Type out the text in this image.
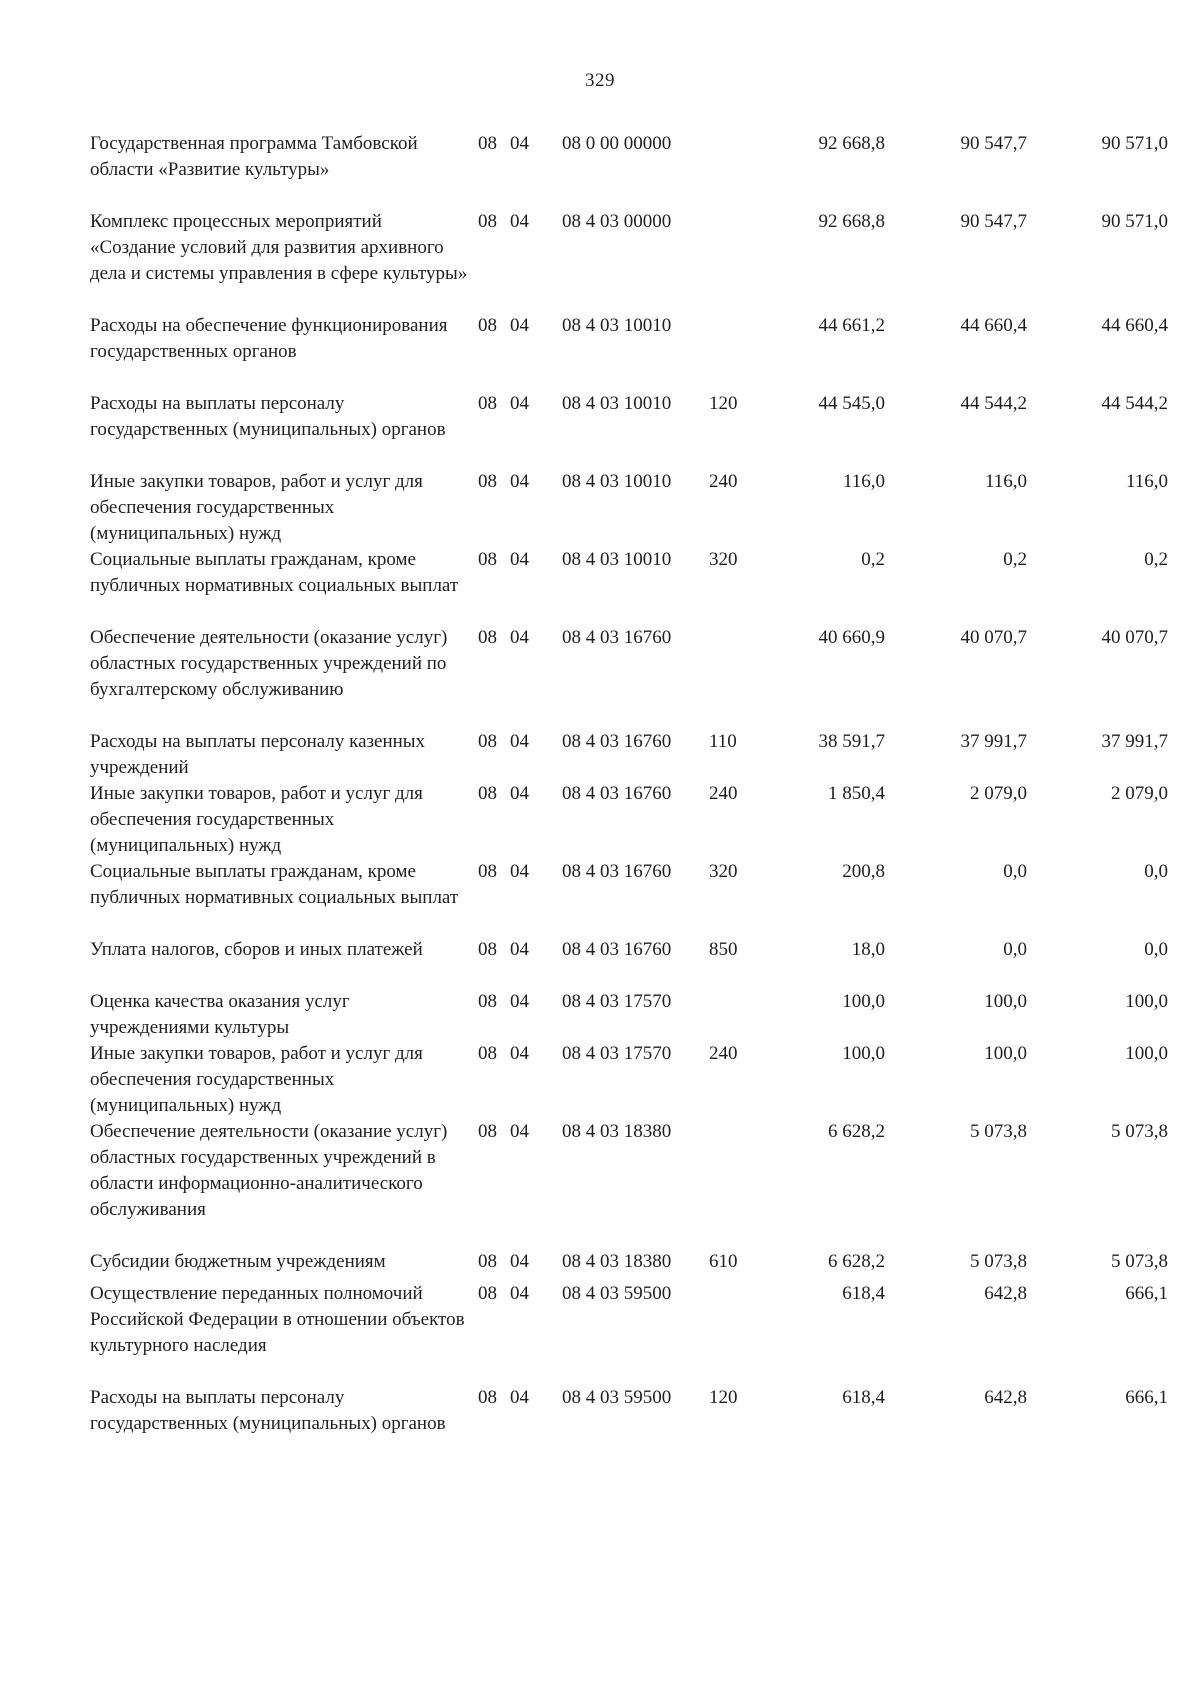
329
Государственная программа Тамбовской области «Развитие культуры»
08 04	08 0 00 00000	92 668,8	90 547,7	90 571,0
Комплекс процессных мероприятий «Создание условий для развития архивного дела и системы управления в сфере культуры»
08 04	08 4 03 00000	92 668,8	90 547,7	90 571,0
Расходы на обеспечение функционирования государственных органов
08 04	08 4 03 10010	44 661,2	44 660,4	44 660,4
Расходы на выплаты персоналу государственных (муниципальных) органов
08 04	08 4 03 10010	120	44 545,0	44 544,2	44 544,2
Иные закупки товаров, работ и услуг для обеспечения государственных (муниципальных) нужд
08 04	08 4 03 10010	240	116,0	116,0	116,0
Социальные выплаты гражданам, кроме публичных нормативных социальных выплат
08 04	08 4 03 10010	320	0,2	0,2	0,2
Обеспечение деятельности (оказание услуг) областных государственных учреждений по бухгалтерскому обслуживанию
08 04	08 4 03 16760	40 660,9	40 070,7	40 070,7
Расходы на выплаты персоналу казенных учреждений
08 04	08 4 03 16760	110	38 591,7	37 991,7	37 991,7
Иные закупки товаров, работ и услуг для обеспечения государственных (муниципальных) нужд
08 04	08 4 03 16760	240	1 850,4	2 079,0	2 079,0
Социальные выплаты гражданам, кроме публичных нормативных социальных выплат
08 04	08 4 03 16760	320	200,8	0,0	0,0
Уплата налогов, сборов и иных платежей	08 04	08 4 03 16760	850	18,0	0,0	0,0
Оценка качества оказания услуг учреждениями культуры
08 04	08 4 03 17570	100,0	100,0	100,0
Иные закупки товаров, работ и услуг для обеспечения государственных (муниципальных) нужд
08 04	08 4 03 17570	240	100,0	100,0	100,0
Обеспечение деятельности (оказание услуг) областных государственных учреждений в области информационно-аналитического обслуживания
08 04	08 4 03 18380	6 628,2	5 073,8	5 073,8
Субсидии бюджетным учреждениям	08 04	08 4 03 18380	610	6 628,2	5 073,8	5 073,8
Осуществление переданных полномочий Российской Федерации в отношении объектов культурного наследия
08 04	08 4 03 59500	618,4	642,8	666,1
Расходы на выплаты персоналу государственных (муниципальных) органов
08 04	08 4 03 59500	120	618,4	642,8	666,1
